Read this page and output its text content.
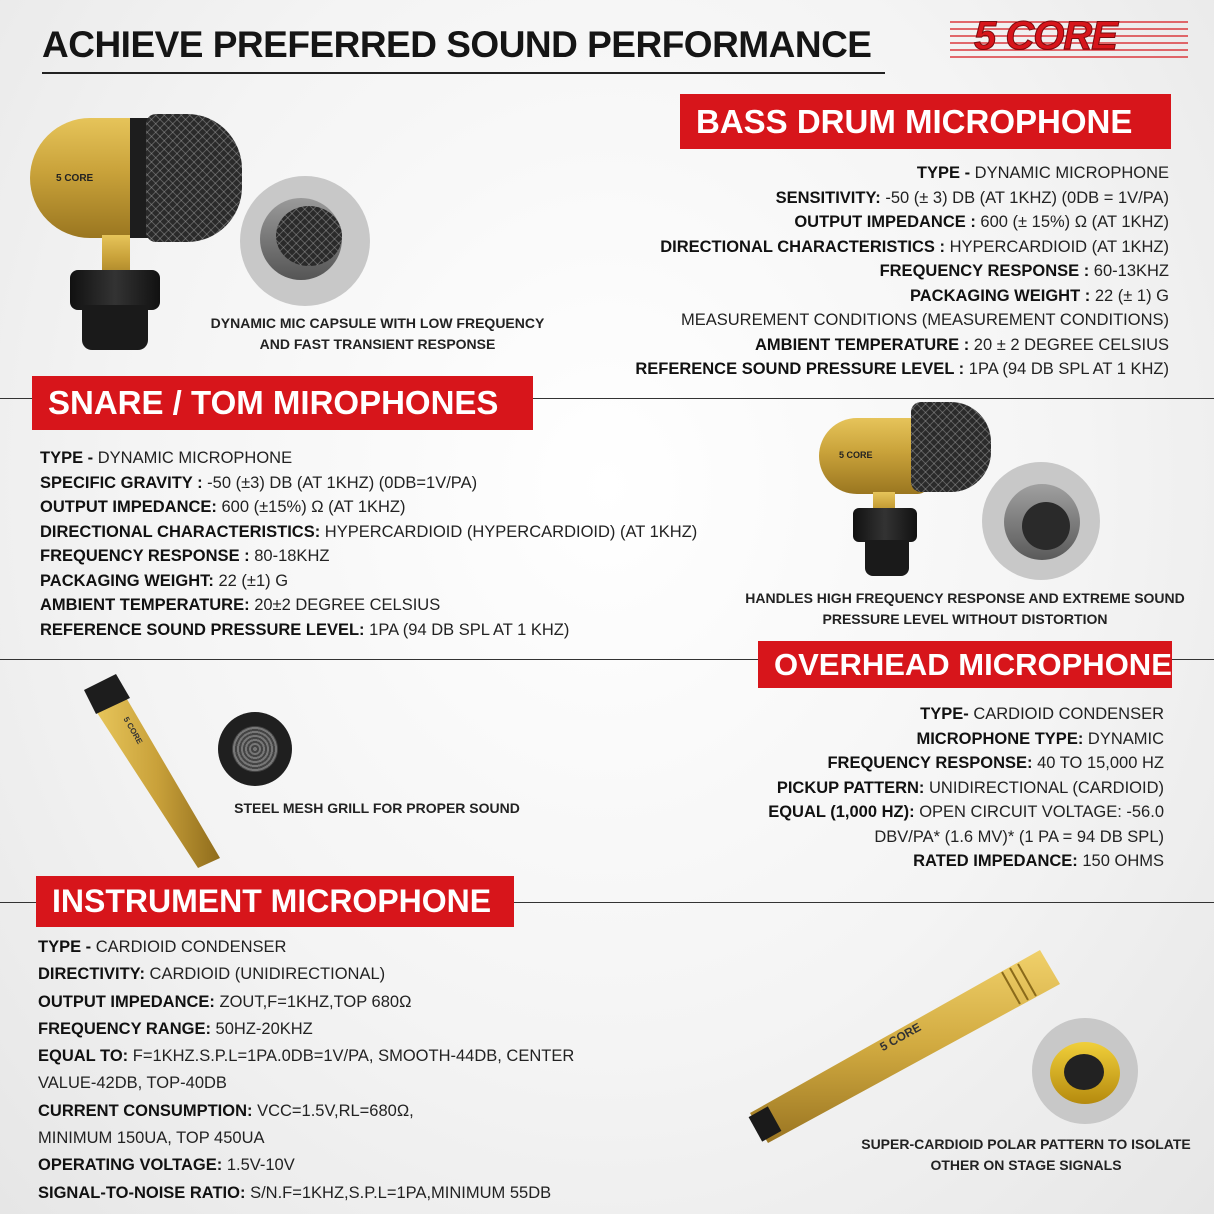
ACHIEVE PREFERRED SOUND PERFORMANCE	5 CORE
BASS DRUM MICROPHONE
TYPE - DYNAMIC MICROPHONE
SENSITIVITY: -50 (± 3) DB (AT 1KHZ) (0DB = 1V/PA)
OUTPUT IMPEDANCE : 600 (± 15%) Ω (AT 1KHZ)
DIRECTIONAL CHARACTERISTICS : HYPERCARDIOID (AT 1KHZ)
FREQUENCY RESPONSE : 60-13KHZ
PACKAGING WEIGHT : 22 (± 1) G
MEASUREMENT CONDITIONS (MEASUREMENT CONDITIONS)
AMBIENT TEMPERATURE : 20 ± 2 DEGREE CELSIUS
REFERENCE SOUND PRESSURE LEVEL : 1PA (94 DB SPL AT 1 KHZ)
5 CORE
DYNAMIC MIC CAPSULE WITH LOW FREQUENCY
AND FAST TRANSIENT RESPONSE
SNARE / TOM MIROPHONES
TYPE - DYNAMIC MICROPHONE
SPECIFIC GRAVITY : -50 (±3) DB (AT 1KHZ) (0DB=1V/PA)
OUTPUT IMPEDANCE: 600 (±15%) Ω (AT 1KHZ)
DIRECTIONAL CHARACTERISTICS: HYPERCARDIOID (HYPERCARDIOID) (AT 1KHZ)
FREQUENCY RESPONSE : 80-18KHZ
PACKAGING WEIGHT: 22 (±1) G
AMBIENT TEMPERATURE: 20±2 DEGREE CELSIUS
REFERENCE SOUND PRESSURE LEVEL: 1PA (94 DB SPL AT 1 KHZ)
5 CORE
HANDLES HIGH FREQUENCY RESPONSE AND EXTREME SOUND
PRESSURE LEVEL WITHOUT DISTORTION
OVERHEAD MICROPHONE
TYPE- CARDIOID CONDENSER
MICROPHONE TYPE: DYNAMIC
FREQUENCY RESPONSE: 40 TO 15,000 HZ
PICKUP PATTERN: UNIDIRECTIONAL (CARDIOID)
EQUAL (1,000 HZ): OPEN CIRCUIT VOLTAGE: -56.0
DBV/PA* (1.6 MV)* (1 PA = 94 DB SPL)
RATED IMPEDANCE: 150 OHMS
5 CORE
STEEL MESH GRILL FOR PROPER SOUND
INSTRUMENT MICROPHONE
TYPE - CARDIOID CONDENSER
DIRECTIVITY: CARDIOID (UNIDIRECTIONAL)
OUTPUT IMPEDANCE: ZOUT,F=1KHZ,TOP 680Ω
FREQUENCY RANGE: 50HZ-20KHZ
EQUAL TO: F=1KHZ.S.P.L=1PA.0DB=1V/PA, SMOOTH-44DB, CENTER
VALUE-42DB, TOP-40DB
CURRENT CONSUMPTION: VCC=1.5V,RL=680Ω,
MINIMUM 150UA, TOP 450UA
OPERATING VOLTAGE: 1.5V-10V
SIGNAL-TO-NOISE RATIO: S/N.F=1KHZ,S.P.L=1PA,MINIMUM 55DB
5 CORE
SUPER-CARDIOID POLAR PATTERN TO ISOLATE
OTHER ON STAGE SIGNALS
